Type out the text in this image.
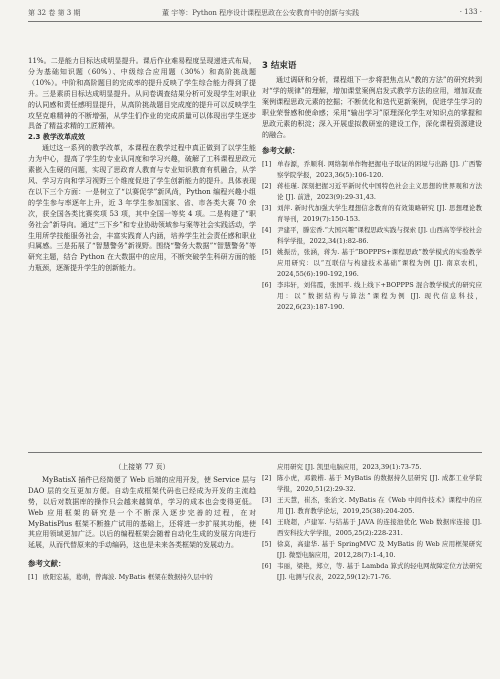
第 32 卷 第 3 期	董 宇等：Python 程序设计课程思政在公安教育中的创新与实践	· 133 ·

11%。二是能力目标达成明显提升。课后作业难易程度呈现递进式布局，分为基础知识题（60%）、中级综合应用题（30%）和高阶挑战题（10%）。中阶和高阶题目的完成率的提升反映了学生综合能力得到了提升。三是素质目标达成明显提升。从问卷调查结果分析可发现学生对职业的认同感和责任感明显提升，从高阶挑战题目完成度的提升可以反映学生攻坚克难精神的不断增强，从学生们作业的完成质量可以体现出学生逐步具备了精益求精的工匠精神。

2.3 教学改革成效

通过这一系列的教学改革，本课程在教学过程中真正做到了以学生能力为中心，提高了学生的专业认同度和学习兴趣，破解了工科课程思政元素嵌入生硬的问题，实现了思政育人教育与专业知识教育有机融合，从学风、学习方向和学习视野三个维度促进了学生创新能力的提升。具体表现在以下三个方面：一是树立了“以赛促学”新风尚，Python 编程兴趣小组的学生参与率逐年上升，近 3 年学生参加国家、省、市各类大赛 70 余次，获全国各类比赛奖项 53 项，其中全国一等奖 4 项。二是构建了“职务社会”新导向。通过“三下乡”和专业协助领域参与案等社会实践活动，学生用所学技能服务社会，丰富实践育人内涵，培养学生社会责任感和职业归属感。三是拓展了“智慧警务”新视野。围绕“警务大数据”“智慧警务”等研究主题，结合 Python 在大数据中的应用，不断突破学生科研方面的能力瓶颈，逐渐提升学生的创新能力。

3 结束语

通过调研和分析，课程组下一步将把焦点从“教的方法”的研究转到对“学的规律”的理解，增加课堂案例启发式教学方法的应用，增加双查案例课程思政元素的挖掘；不断优化和迭代更新案例，促进学生学习的职业荣誉感和使命感；采用“输出学习”原理深化学生对知识点的掌握和思政元素的积淀；深入开展虚拟教研室的建设工作，深化课程资源建设的融合。

参考文献：

[1] 单春源，乔顺利. 网络制单作物把握电子取证的困境与出路 [J]. 广西警察学院学报，2023,36(5):106-120.

[2] 蒋桂瑾. 深刻把握习近平新时代中国特色社会主义思想的世界观和方法论 [J]. 前进，2023(9):29-31,43.

[3] 刘萍. 新时代加强大学生理想信念教育的有效策略研究 [J]. 思想理论教育导刊，2019(7):150-153.

[4] 尹建平，滕宏香.“大国兴趣”课程思政实践与探索 [J]. 山西高等学校社会科学学报，2022,34(1):82-86.

[5] 姚振岳，张涵，蒋为. 基于“BOPPPS+课程思政”教学模式的实验教学应用研究：以“互联信与构建技术基础”课程为例 [J]. 南京农机，2024,55(6):190-192,196.

[6] 李玮轩，刘伟霞，张国平. 线上线下+BOPPPS 混合教学模式的研究应用：以“数据结构与算法”课程为例 [J]. 现代信息科技，2022,6(23):187-190.

（上接第 77 页）

MyBatisX 插件已经简便了 Web 后端的应用开发，使 Service 层与 DAO 层的交互更加方便。自动生成框架代码也已经成为开发的主流趋势，以后对数据库的操作只会越来越简单，学习的成本也会变得更低。Web 应用框架的研究是一个不断深入逐步完善的过程，在对 MyBatisPlus 框架不断推广试用的基础上，还将进一步扩展其功能，使其应用领域更加广泛。以后的编程框架会随着自动化生成的发展方向进行延展，从而代替原来的手动编码，这也是未来各类框架的发展动力。

参考文献：

[1] 欧阳宏基，葛萌，曾海波. MyBatis 框架在数据持久层中的

应用研究 [J]. 凯里电脑应用，2023,39(1):73-75.

[2] 陈小虎，邓毅楷. 基于 MyBatis 的数据持久层研究 [J]. 成都工业学院学报，2020,51(2):29-32.

[3] 王天慧，崔杰，张治文. MyBatis 在《Web 中间件技术》课程中的应用 [J]. 教育教学论坛，2019,25(38):204-205.

[4] 王晓超，卢建军. 与结基于 JAVA 的连接池优化 Web 数据库连接 [J]. 西安科技大学学报，2005,25(2):228-231.

[5] 徐莫，高建华. 基于 SpringMVC 及 MyBatis 的 Web 应用框架研究 [J]. 微型电脑应用，2012,28(7):1-4,10.

[6] 韦丽，梁艳，郑立，等. 基于 Lambda 算式的轻电网故障定位方法研究 [J]. 电测与仪表，2022,59(12):71-76.
